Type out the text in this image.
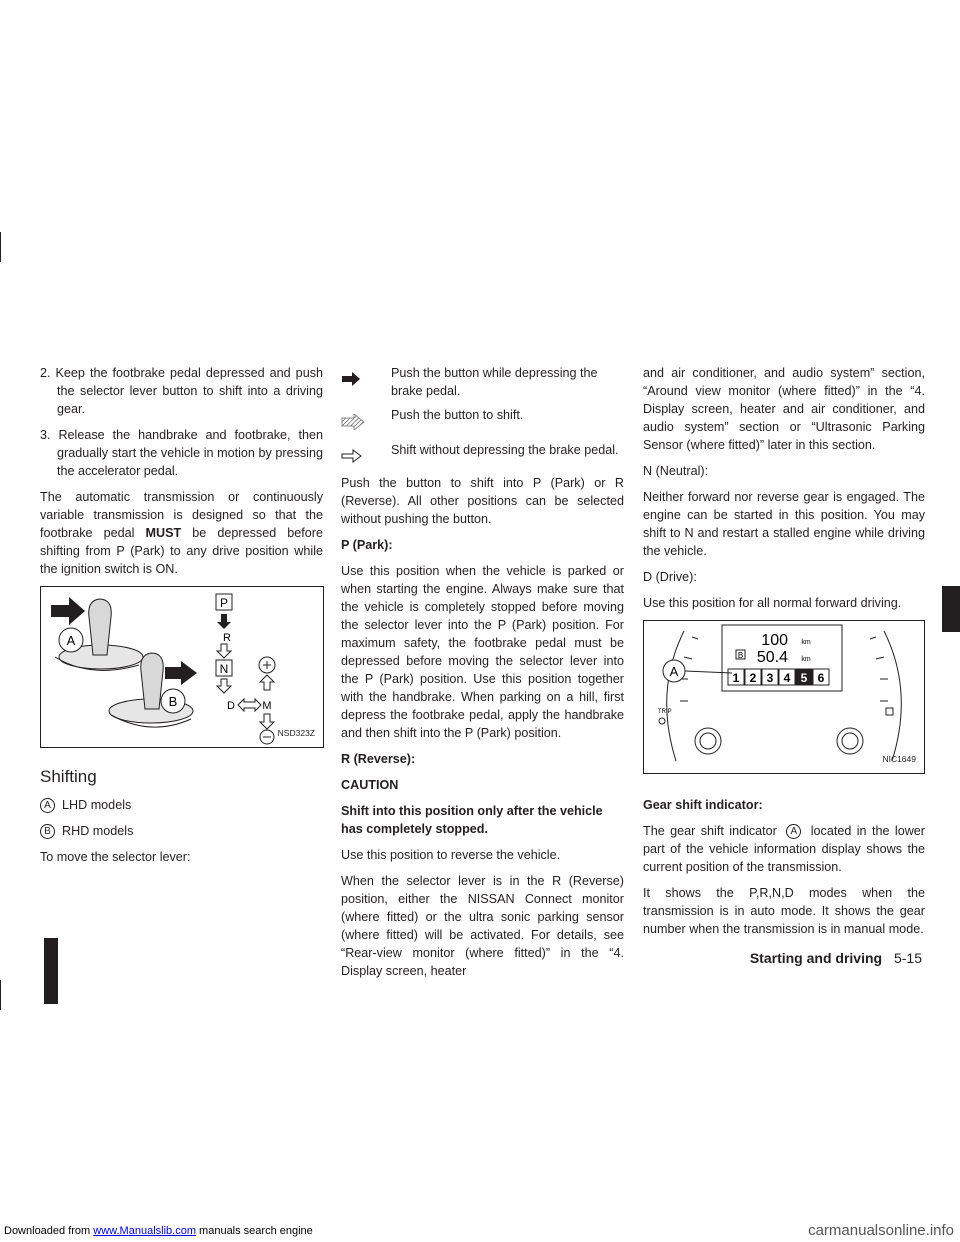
2. Keep the footbrake pedal depressed and push the selector lever button to shift into a driving gear.

3. Release the handbrake and footbrake, then gradually start the vehicle in motion by pressing the accelerator pedal.

The automatic transmission or continuously variable transmission is designed so that the footbrake pedal MUST be depressed before shifting from P (Park) to any drive position while the ignition switch is ON.

A
B
P
R
N
D M
NSD323Z
Shifting

A LHD models

B RHD models

To move the selector lever:

Push the button while depressing the brake pedal.
Push the button to shift.
Shift without depressing the brake pedal.

Push the button to shift into P (Park) or R (Reverse). All other positions can be selected without pushing the button.

P (Park):

Use this position when the vehicle is parked or when starting the engine. Always make sure that the vehicle is completely stopped before moving the selector lever into the P (Park) position. For maximum safety, the footbrake pedal must be depressed before moving the selector lever into the P (Park) position. Use this position together with the handbrake. When parking on a hill, first depress the footbrake pedal, apply the handbrake and then shift into the P (Park) position.

R (Reverse):

CAUTION

Shift into this position only after the vehicle has completely stopped.

Use this position to reverse the vehicle.

When the selector lever is in the R (Reverse) position, either the NISSAN Connect monitor (where fitted) or the ultra sonic parking sensor (where fitted) will be activated. For details, see “Rear-view monitor (where fitted)” in the “4. Display screen, heater

and air conditioner, and audio system” section, “Around view monitor (where fitted)” in the “4. Display screen, heater and air conditioner, and audio system” section or “Ultrasonic Parking Sensor (where fitted)” later in this section.

N (Neutral):

Neither forward nor reverse gear is engaged. The engine can be started in this position. You may shift to N and restart a stalled engine while driving the vehicle.

D (Drive):

Use this position for all normal forward driving.

100 km
B 50.4 km
1 2 3 4 5 6
A
TRIP
NIC1649

Gear shift indicator:

The gear shift indicator A located in the lower part of the vehicle information display shows the current position of the transmission.

It shows the P,R,N,D modes when the transmission is in auto mode. It shows the gear number when the transmission is in manual mode.

Starting and driving 5-15
Downloaded from www.Manualslib.com manuals search engine	carmanualsonline.info
